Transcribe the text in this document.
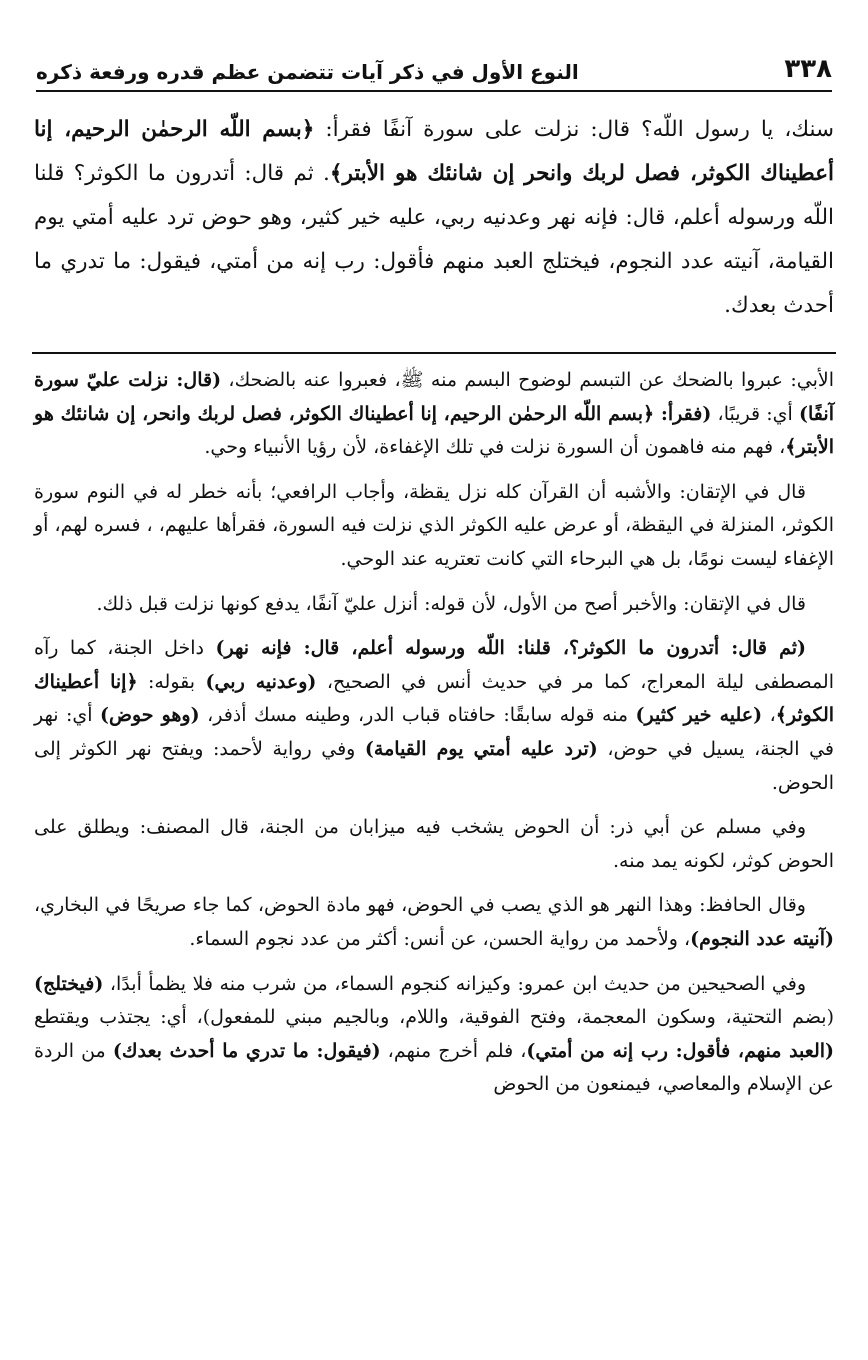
٣٣٨
النوع الأول في ذكر آيات تتضمن عظم قدره ورفعة ذكره

سنك، يا رسول اللّه؟ قال: نزلت على سورة آنفًا فقرأ: ﴿بسم اللّه الرحمٰن الرحيم، إنا أعطيناك الكوثر، فصل لربك وانحر إن شانئك هو الأبتر﴾. ثم قال: أتدرون ما الكوثر؟ قلنا اللّه ورسوله أعلم، قال: فإنه نهر وعدنيه ربي، عليه خير كثير، وهو حوض ترد عليه أمتي يوم القيامة، آنيته عدد النجوم، فيختلج العبد منهم فأقول: رب إنه من أمتي، فيقول: ما تدري ما أحدث بعدك.

الأبي: عبروا بالضحك عن التبسم لوضوح البسم منه ﷺ، فعبروا عنه بالضحك، (قال: نزلت عليّ سورة آنفًا) أي: قريبًا، (فقرأ: ﴿بسم اللّه الرحمٰن الرحيم، إنا أعطيناك الكوثر، فصل لربك وانحر، إن شانئك هو الأبتر﴾، فهم منه فاهمون أن السورة نزلت في تلك الإغفاءة، لأن رؤيا الأنبياء وحي.

قال في الإتقان: والأشبه أن القرآن كله نزل يقظة، وأجاب الرافعي؛ بأنه خطر له في النوم سورة الكوثر، المنزلة في اليقظة، أو عرض عليه الكوثر الذي نزلت فيه السورة، فقرأها عليهم، ، فسره لهم، أو الإغفاء ليست نومًا، بل هي البرحاء التي كانت تعتريه عند الوحي.

قال في الإتقان: والأخبر أصح من الأول، لأن قوله: أنزل عليّ آنفًا، يدفع كونها نزلت قبل ذلك.

(ثم قال: أتدرون ما الكوثر؟، قلنا: اللّه ورسوله أعلم، قال: فإنه نهر) داخل الجنة، كما رآه المصطفى ليلة المعراج، كما مر في حديث أنس في الصحيح، (وعدنيه ربي) بقوله: ﴿إنا أعطيناك الكوثر﴾، (عليه خير كثير) منه قوله سابقًا: حافتاه قباب الدر، وطينه مسك أذفر، (وهو حوض) أي: نهر في الجنة، يسيل في حوض، (ترد عليه أمتي يوم القيامة) وفي رواية لأحمد: ويفتح نهر الكوثر إلى الحوض.

وفي مسلم عن أبي ذر: أن الحوض يشخب فيه ميزابان من الجنة، قال المصنف: ويطلق على الحوض كوثر، لكونه يمد منه.

وقال الحافظ: وهذا النهر هو الذي يصب في الحوض، فهو مادة الحوض، كما جاء صريحًا في البخاري، (آنيته عدد النجوم)، ولأحمد من رواية الحسن، عن أنس: أكثر من عدد نجوم السماء.

وفي الصحيحين من حديث ابن عمرو: وكيزانه كنجوم السماء، من شرب منه فلا يظمأ أبدًا، (فيختلج) (بضم التحتية، وسكون المعجمة، وفتح الفوقية، واللام، وبالجيم مبني للمفعول)، أي: يجتذب ويقتطع (العبد منهم، فأقول: رب إنه من أمتي)، فلم أخرج منهم، (فيقول: ما تدري ما أحدث بعدك) من الردة عن الإسلام والمعاصي، فيمنعون من الحوض
